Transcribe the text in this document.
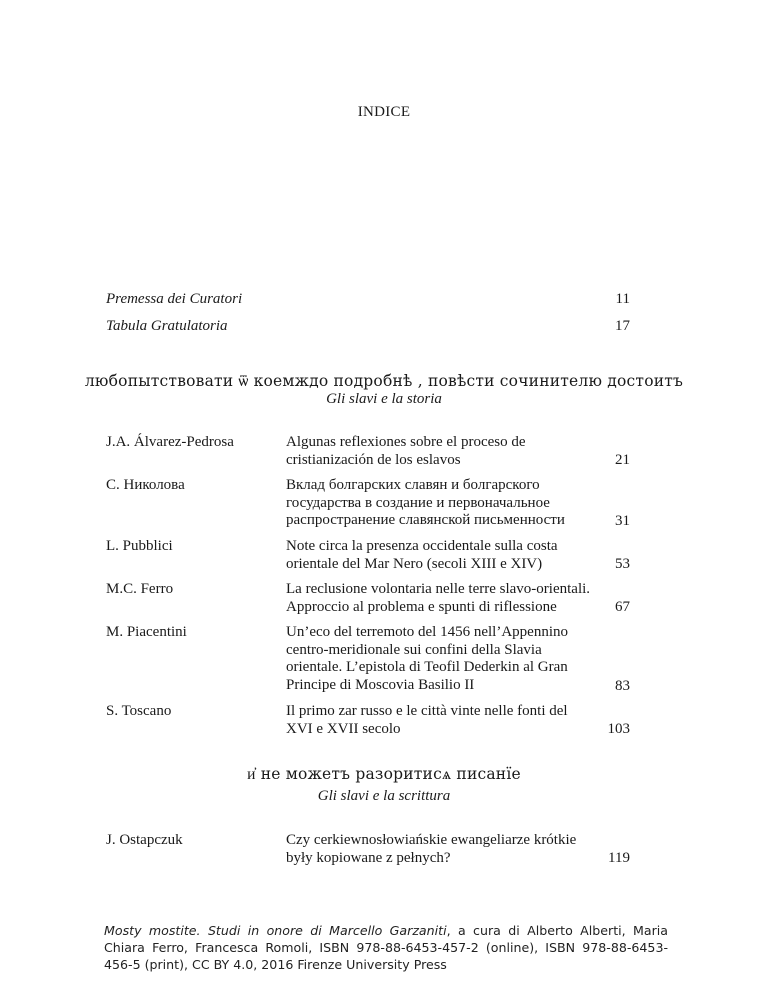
INDICE
Premessa dei Curatori	11
Tabula Gratulatoria	17
любопытствовати ѿ коемждо подробнѣ , повѣсти сочинителю достоитъ
Gli slavi e la storia
J.A. Álvarez-Pedrosa	Algunas reflexiones sobre el proceso de
cristianización de los eslavos	21
С. Николова	Вклад болгарских славян и болгарского
государства в создание и первоначальное
распространение славянской письменности	31
L. Pubblici	Note circa la presenza occidentale sulla costa
orientale del Mar Nero (secoli XIII e XIV)	53
M.C. Ferro	La reclusione volontaria nelle terre slavo-orientali.
Approccio al problema e spunti di riflessione	67
M. Piacentini	Un’eco del terremoto del 1456 nell’Appennino
centro-meridionale sui confini della Slavia
orientale. L’epistola di Teofil Dederkin al Gran
Principe di Moscovia Basilio II	83
S. Toscano	Il primo zar russo e le città vinte nelle fonti del
XVI e XVII secolo	103
и҆ не можетъ разоритисѧ писанїе
Gli slavi e la scrittura
J. Ostapczuk	Czy cerkiewnosłowiańskie ewangeliarze krótkie
były kopiowane z pełnych?	119
Mosty mostite. Studi in onore di Marcello Garzaniti, a cura di Alberto Alberti, Maria Chiara Ferro, Francesca Romoli, ISBN 978-88-6453-457-2 (online), ISBN 978-88-6453-456-5 (print), CC BY 4.0, 2016 Firenze University Press
